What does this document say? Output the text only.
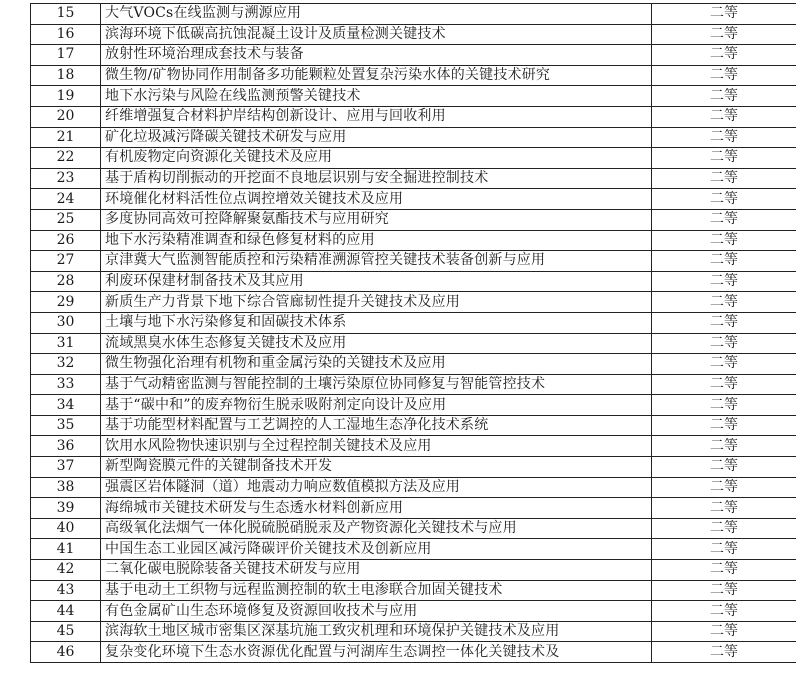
15	大气VOCs在线监测与溯源应用	二等
16	滨海环境下低碳高抗蚀混凝土设计及质量检测关键技术	二等
17	放射性环境治理成套技术与装备	二等
18	微生物/矿物协同作用制备多功能颗粒处置复杂污染水体的关键技术研究	二等
19	地下水污染与风险在线监测预警关键技术	二等
20	纤维增强复合材料护岸结构创新设计、应用与回收利用	二等
21	矿化垃圾减污降碳关键技术研发与应用	二等
22	有机废物定向资源化关键技术及应用	二等
23	基于盾构切削振动的开挖面不良地层识别与安全掘进控制技术	二等
24	环境催化材料活性位点调控增效关键技术及应用	二等
25	多度协同高效可控降解聚氨酯技术与应用研究	二等
26	地下水污染精准调查和绿色修复材料的应用	二等
27	京津冀大气监测智能质控和污染精准溯源管控关键技术装备创新与应用	二等
28	利废环保建材制备技术及其应用	二等
29	新质生产力背景下地下综合管廊韧性提升关键技术及应用	二等
30	土壤与地下水污染修复和固碳技术体系	二等
31	流域黑臭水体生态修复关键技术及应用	二等
32	微生物强化治理有机物和重金属污染的关键技术及应用	二等
33	基于气动精密监测与智能控制的土壤污染原位协同修复与智能管控技术	二等
34	基于“碳中和”的废弃物衍生脱汞吸附剂定向设计及应用	二等
35	基于功能型材料配置与工艺调控的人工湿地生态净化技术系统	二等
36	饮用水风险物快速识别与全过程控制关键技术及应用	二等
37	新型陶瓷膜元件的关键制备技术开发	二等
38	强震区岩体隧洞（道）地震动力响应数值模拟方法及应用	二等
39	海绵城市关键技术研发与生态透水材料创新应用	二等
40	高级氧化法烟气一体化脱硫脱硝脱汞及产物资源化关键技术与应用	二等
41	中国生态工业园区减污降碳评价关键技术及创新应用	二等
42	二氧化碳电脱除装备关键技术研发与应用	二等
43	基于电动土工织物与远程监测控制的软土电渗联合加固关键技术	二等
44	有色金属矿山生态环境修复及资源回收技术与应用	二等
45	滨海软土地区城市密集区深基坑施工致灾机理和环境保护关键技术及应用	二等
46	复杂变化环境下生态水资源优化配置与河湖库生态调控一体化关键技术及	二等
